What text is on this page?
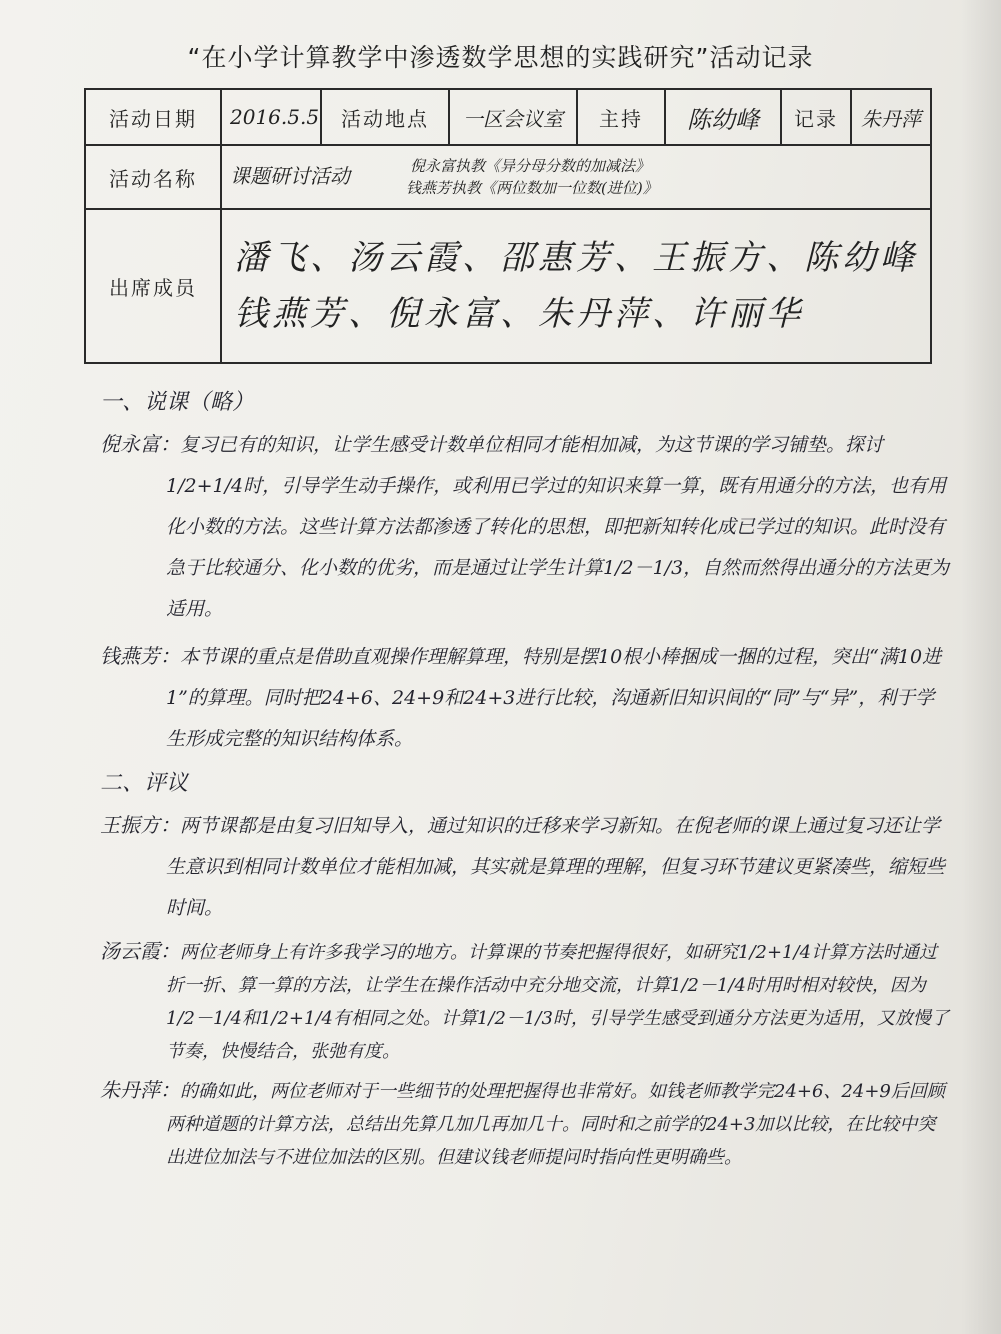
“在小学计算教学中渗透数学思想的实践研究”活动记录
活动日期	2016.5.5	活动地点	一区会议室	主持	陈幼峰	记录	朱丹萍
活动名称	课题研讨活动 倪永富执教《异分母分数的加减法》
钱燕芳执教《两位数加一位数(进位)》						

出席成员	潘飞、汤云霞、邵惠芳、王振方、陈幼峰
钱燕芳、倪永富、朱丹萍、许丽华						
一、说课（略）
倪永富：复习已有的知识，让学生感受计数单位相同才能相加减，为这节课的学习铺垫。探讨1/2+1/4时，引导学生动手操作，或利用已学过的知识来算一算，既有用通分的方法，也有用化小数的方法。这些计算方法都渗透了转化的思想，即把新知转化成已学过的知识。此时没有急于比较通分、化小数的优劣，而是通过让学生计算1/2－1/3，自然而然得出通分的方法更为适用。
钱燕芳：本节课的重点是借助直观操作理解算理，特别是摆10根小棒捆成一捆的过程，突出“满10进1”的算理。同时把24+6、24+9和24+3进行比较，沟通新旧知识间的“同”与“异”，利于学生形成完整的知识结构体系。
二、评议
王振方：两节课都是由复习旧知导入，通过知识的迁移来学习新知。在倪老师的课上通过复习还让学生意识到相同计数单位才能相加减，其实就是算理的理解，但复习环节建议更紧凑些，缩短些时间。
汤云霞：两位老师身上有许多我学习的地方。计算课的节奏把握得很好，如研究1/2+1/4计算方法时通过折一折、算一算的方法，让学生在操作活动中充分地交流，计算1/2－1/4时用时相对较快，因为1/2－1/4和1/2+1/4有相同之处。计算1/2－1/3时，引导学生感受到通分方法更为适用，又放慢了节奏，快慢结合，张弛有度。
朱丹萍：的确如此，两位老师对于一些细节的处理把握得也非常好。如钱老师教学完24+6、24+9后回顾两种道题的计算方法，总结出先算几加几再加几十。同时和之前学的24+3加以比较，在比较中突出进位加法与不进位加法的区别。但建议钱老师提问时指向性更明确些。
